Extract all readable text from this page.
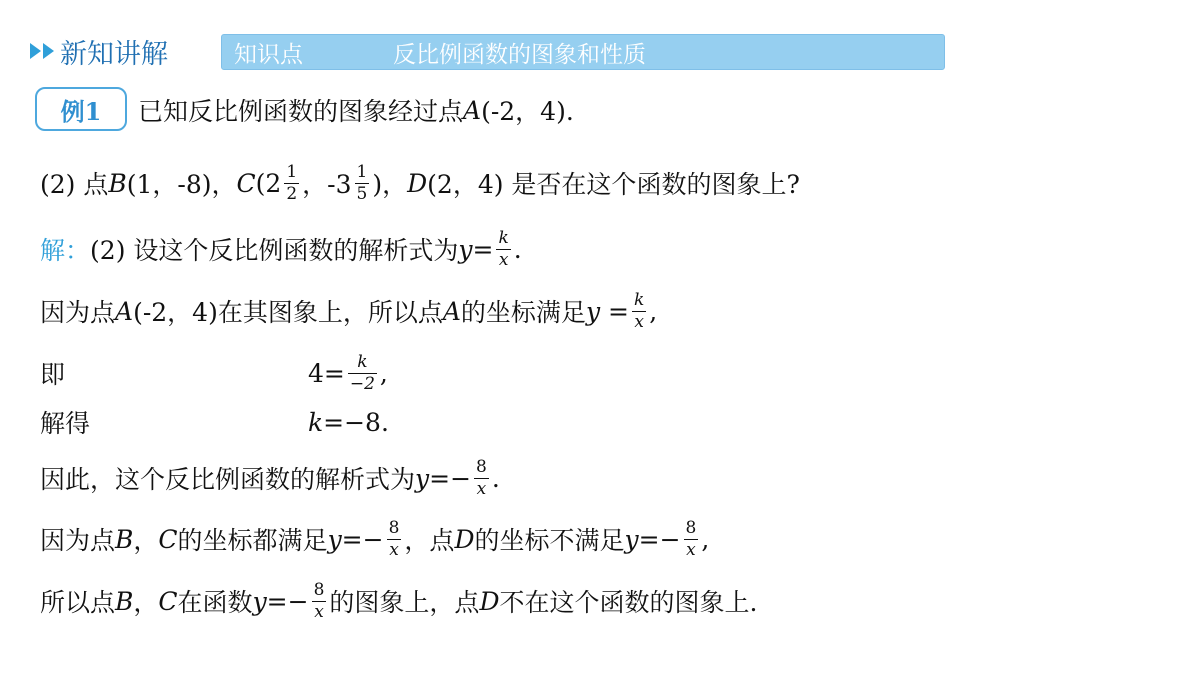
新知讲解	知识点	反比例函数的图象和性质
例1	已知反比例函数的图象经过点 A (-2，4).
(2) 点 B (1，-8)， C ($2 \frac{1}{2}$ ，$-3 \frac{1}{5}$ )， D (2，4) 是否在这个函数的图象上?
解 ： (2) 设这个反比例函数的解析式为 $y= \frac{k}{x}$ .
因为点 A (-2，4)在其图象上，所以点 A 的坐标满足 $y = \frac{k}{x}$ ,
即	$4= \frac{k}{-2}$ ,
解得	k =−8.
因此，这个反比例函数的解析式为 $y=- \frac{8}{x}$ .
因为点 B ， C 的坐标都满足 $y=- \frac{8}{x}$ ，点 D 的坐标不满足 $y=- \frac{8}{x}$ ,
所以点 B ， C 在函数 $y=- \frac{8}{x}$ 的图象上，点 D 不在这个函数的图象上.
